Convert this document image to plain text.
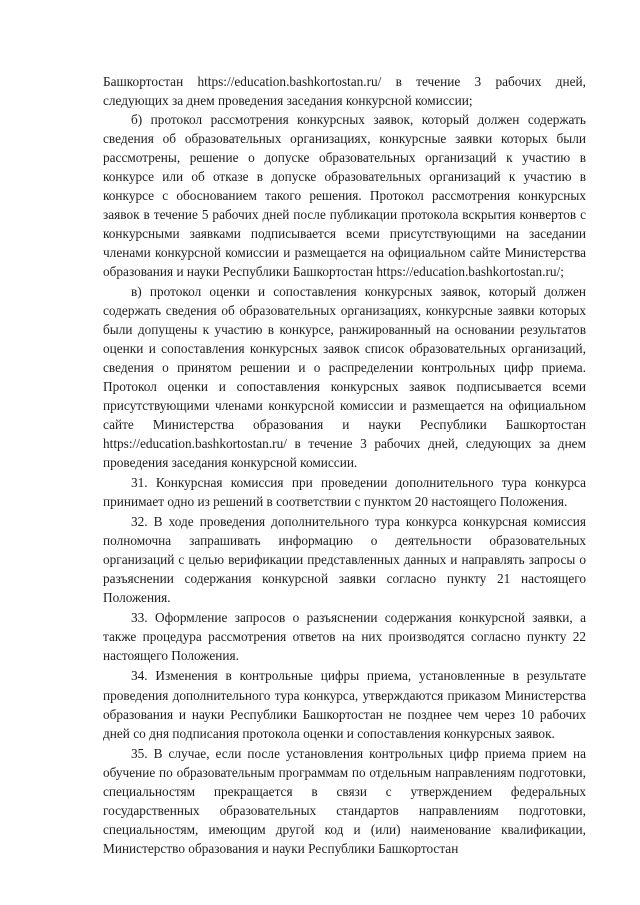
Башкортостан https://education.bashkortostan.ru/ в течение 3 рабочих дней, следующих за днем проведения заседания конкурсной комиссии;

б) протокол рассмотрения конкурсных заявок, который должен содержать сведения об образовательных организациях, конкурсные заявки которых были рассмотрены, решение о допуске образовательных организаций к участию в конкурсе или об отказе в допуске образовательных организаций к участию в конкурсе с обоснованием такого решения. Протокол рассмотрения конкурсных заявок в течение 5 рабочих дней после публикации протокола вскрытия конвертов с конкурсными заявками подписывается всеми присутствующими на заседании членами конкурсной комиссии и размещается на официальном сайте Министерства образования и науки Республики Башкортостан https://education.bashkortostan.ru/;

в) протокол оценки и сопоставления конкурсных заявок, который должен содержать сведения об образовательных организациях, конкурсные заявки которых были допущены к участию в конкурсе, ранжированный на основании результатов оценки и сопоставления конкурсных заявок список образовательных организаций, сведения о принятом решении и о распределении контрольных цифр приема. Протокол оценки и сопоставления конкурсных заявок подписывается всеми присутствующими членами конкурсной комиссии и размещается на официальном сайте Министерства образования и науки Республики Башкортостан https://education.bashkortostan.ru/ в течение 3 рабочих дней, следующих за днем проведения заседания конкурсной комиссии.

31. Конкурсная комиссия при проведении дополнительного тура конкурса принимает одно из решений в соответствии с пунктом 20 настоящего Положения.

32. В ходе проведения дополнительного тура конкурса конкурсная комиссия полномочна запрашивать информацию о деятельности образовательных организаций с целью верификации представленных данных и направлять запросы о разъяснении содержания конкурсной заявки согласно пункту 21 настоящего Положения.

33. Оформление запросов о разъяснении содержания конкурсной заявки, а также процедура рассмотрения ответов на них производятся согласно пункту 22 настоящего Положения.

34. Изменения в контрольные цифры приема, установленные в результате проведения дополнительного тура конкурса, утверждаются приказом Министерства образования и науки Республики Башкортостан не позднее чем через 10 рабочих дней со дня подписания протокола оценки и сопоставления конкурсных заявок.

35. В случае, если после установления контрольных цифр приема прием на обучение по образовательным программам по отдельным направлениям подготовки, специальностям прекращается в связи с утверждением федеральных государственных образовательных стандартов направлениям подготовки, специальностям, имеющим другой код и (или) наименование квалификации, Министерство образования и науки Республики Башкортостан
